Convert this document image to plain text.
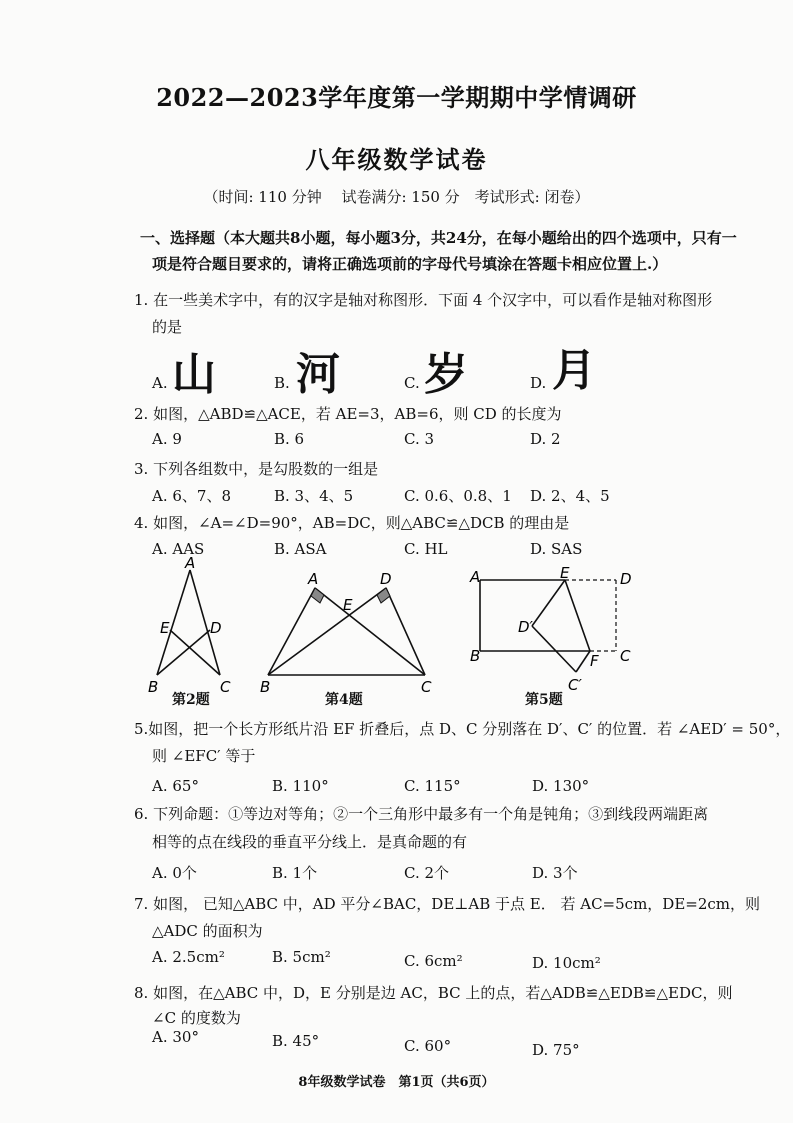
2022—2023学年度第一学期期中学情调研
八年级数学试卷
（时间: 110 分钟　 试卷满分: 150 分　考试形式: 闭卷）
一、选择题（本大题共8小题，每小题3分，共24分，在每小题给出的四个选项中，只有一
项是符合题目要求的，请将正确选项前的字母代号填涂在答题卡相应位置上.）
1. 在一些美术字中，有的汉字是轴对称图形．下面 4 个汉字中，可以看作是轴对称图形
的是
A. 山	B. 河	C. 岁	D. 月
2. 如图，△ABD≌△ACE，若 AE=3，AB=6，则 CD 的长度为
A. 9	B. 6	C. 3	D. 2
3. 下列各组数中，是勾股数的一组是
A. 6、7、8	B. 3、4、5	C. 0.6、0.8、1 D. 2、4、5
4. 如图，∠A=∠D=90°，AB=DC，则△ABC≌△DCB 的理由是
A. AAS	B. ASA	C. HL	D. SAS
A
E	D
B	C
第2题
A	D
E
B	C
第4题
A	E	D
D′
B	F C
C′
第5题
5.如图，把一个长方形纸片沿 EF 折叠后，点 D、C 分别落在 D′、C′ 的位置．若 ∠AED′ = 50°，
则 ∠EFC′ 等于
A. 65°	B. 110°	C. 115°	D. 130°
6. 下列命题：①等边对等角；②一个三角形中最多有一个角是钝角；③到线段两端距离
相等的点在线段的垂直平分线上．是真命题的有
A. 0个	B. 1个	C. 2个	D. 3个
7. 如图， 已知△ABC 中，AD 平分∠BAC，DE⊥AB 于点 E． 若 AC=5cm，DE=2cm，则
△ADC 的面积为
A. 2.5cm²	B. 5cm²	C. 6cm²	D. 10cm²
8. 如图，在△ABC 中，D，E 分别是边 AC，BC 上的点，若△ADB≌△EDB≌△EDC，则
∠C 的度数为
A. 30°	B. 45°	C. 60°	D. 75°
8年级数学试卷　第1页（共6页）
